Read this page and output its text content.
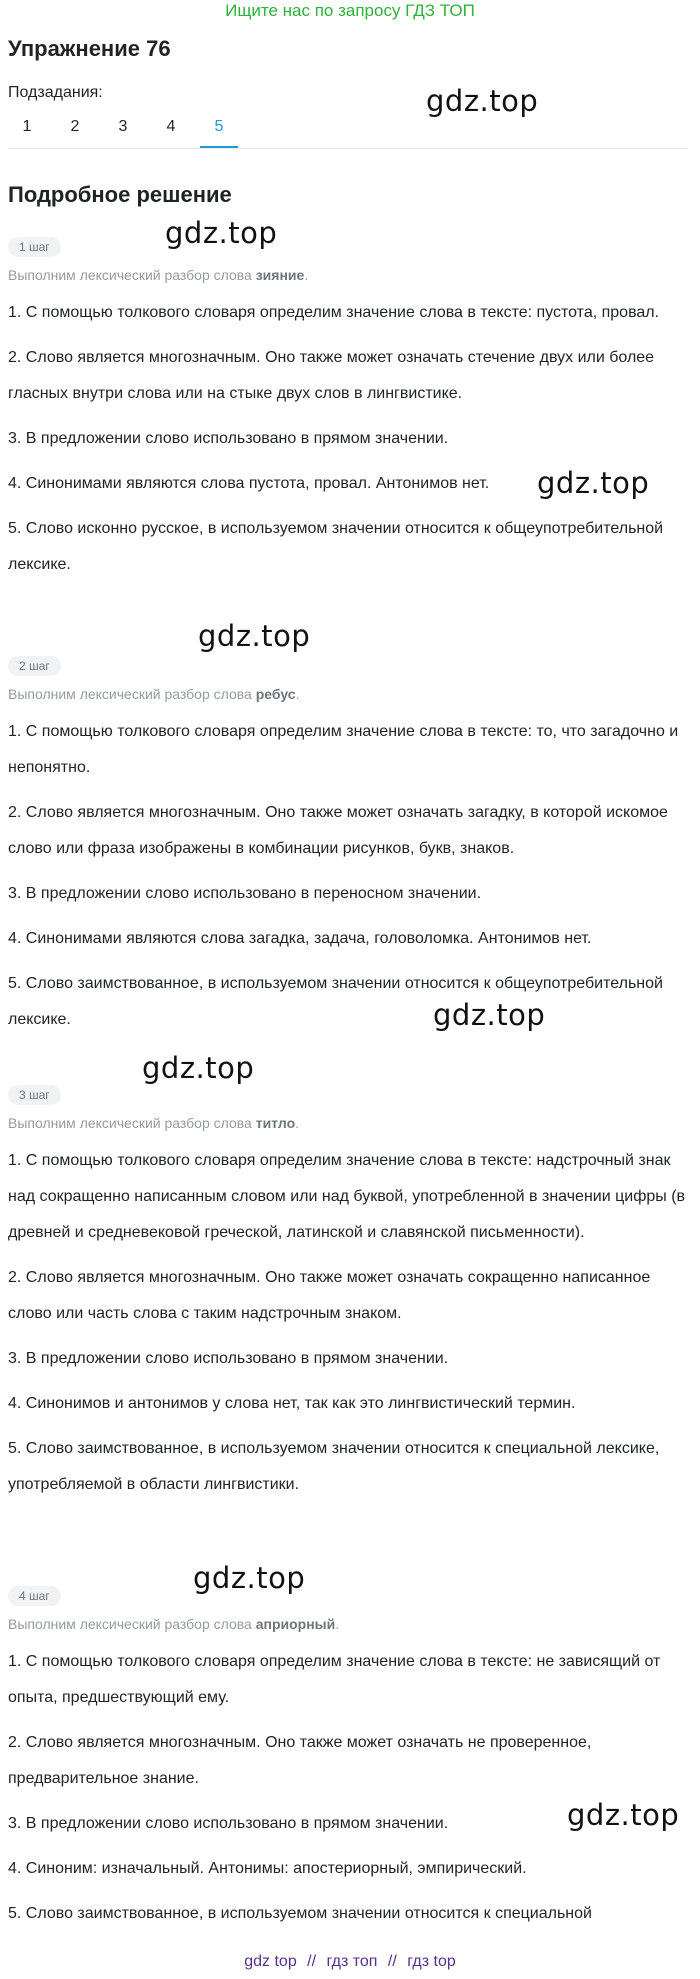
Ищите нас по запросу ГДЗ ТОП
Упражнение 76
Подзадания:
1	2	3	4	5
Подробное решение
1 шаг

Выполним лексический разбор слова зияние.

1. С помощью толкового словаря определим значение слова в тексте: пустота, провал.

2. Слово является многозначным. Оно также может означать стечение двух или более гласных внутри слова или на стыке двух слов в лингвистике.

3. В предложении слово использовано в прямом значении.

4. Синонимами являются слова пустота, провал. Антонимов нет.

5. Слово исконно русское, в используемом значении относится к общеупотребительной лексике.

2 шаг

Выполним лексический разбор слова ребус.

1. С помощью толкового словаря определим значение слова в тексте: то, что загадочно и непонятно.

2. Слово является многозначным. Оно также может означать загадку, в которой искомое слово или фраза изображены в комбинации рисунков, букв, знаков.

3. В предложении слово использовано в переносном значении.

4. Синонимами являются слова загадка, задача, головоломка. Антонимов нет.

5. Слово заимствованное, в используемом значении относится к общеупотребительной лексике.

3 шаг

Выполним лексический разбор слова титло.

1. С помощью толкового словаря определим значение слова в тексте: надстрочный знак над сокращенно написанным словом или над буквой, употребленной в значении цифры (в древней и средневековой греческой, латинской и славянской письменности).

2. Слово является многозначным. Оно также может означать сокращенно написанное слово или часть слова с таким надстрочным знаком.

3. В предложении слово использовано в прямом значении.

4. Синонимов и антонимов у слова нет, так как это лингвистический термин.

5. Слово заимствованное, в используемом значении относится к специальной лексике, употребляемой в области лингвистики.

4 шаг

Выполним лексический разбор слова априорный.

1. С помощью толкового словаря определим значение слова в тексте: не зависящий от опыта, предшествующий ему.

2. Слово является многозначным. Оно также может означать не проверенное, предварительное знание.

3. В предложении слово использовано в прямом значении.

4. Синоним: изначальный. Антонимы: апостериорный, эмпирический.

5. Слово заимствованное, в используемом значении относится к специальной

gdz.top
gdz.top
gdz.top
gdz.top
gdz.top
gdz.top
gdz.top
gdz.top
gdz top // гдз топ // гдз top
